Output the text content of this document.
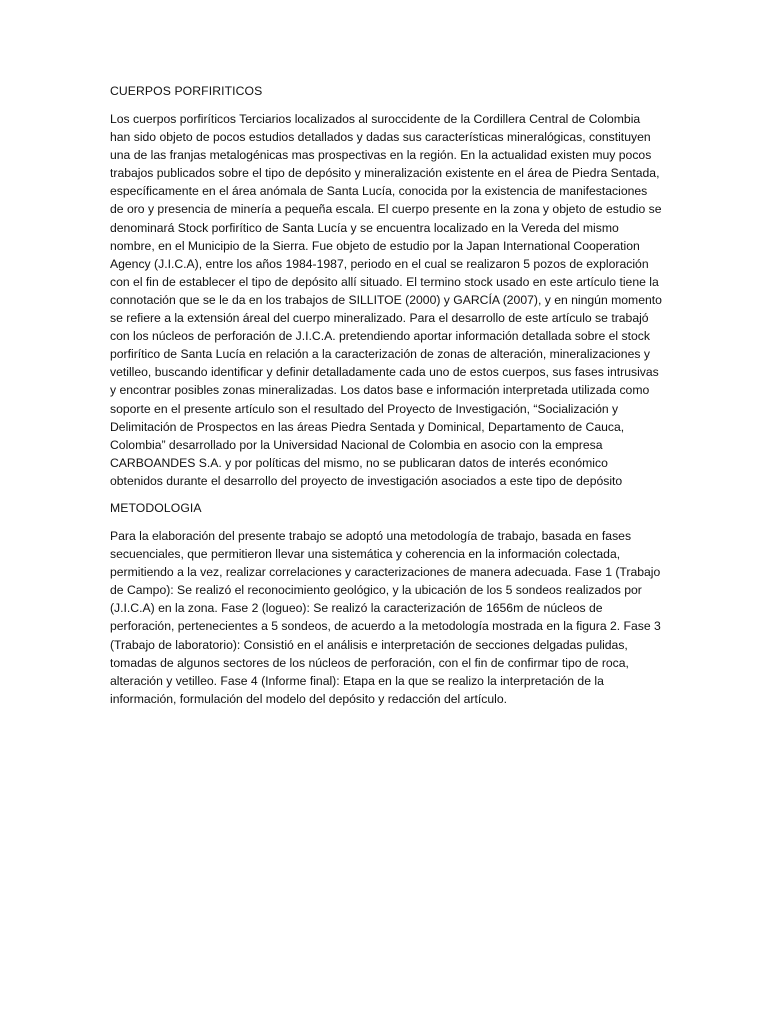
CUERPOS PORFIRITICOS

Los cuerpos porfiríticos Terciarios localizados al suroccidente de la Cordillera Central de Colombia han sido objeto de pocos estudios detallados y dadas sus características mineralógicas, constituyen una de las franjas metalogénicas mas prospectivas en la región. En la actualidad existen muy pocos trabajos publicados sobre el tipo de depósito y mineralización existente en el área de Piedra Sentada, específicamente en el área anómala de Santa Lucía, conocida por la existencia de manifestaciones de oro y presencia de minería a pequeña escala. El cuerpo presente en la zona y objeto de estudio se denominará Stock porfirítico de Santa Lucía y se encuentra localizado en la Vereda del mismo nombre, en el Municipio de la Sierra. Fue objeto de estudio por la Japan International Cooperation Agency (J.I.C.A), entre los años 1984-1987, periodo en el cual se realizaron 5 pozos de exploración con el fin de establecer el tipo de depósito allí situado. El termino stock usado en este artículo tiene la connotación que se le da en los trabajos de SILLITOE (2000) y GARCÍA (2007), y en ningún momento se refiere a la extensión áreal del cuerpo mineralizado. Para el desarrollo de este artículo se trabajó con los núcleos de perforación de J.I.C.A. pretendiendo aportar información detallada sobre el stock porfirítico de Santa Lucía en relación a la caracterización de zonas de alteración, mineralizaciones y vetilleo, buscando identificar y definir detalladamente cada uno de estos cuerpos, sus fases intrusivas y encontrar posibles zonas mineralizadas. Los datos base e información interpretada utilizada como soporte en el presente artículo son el resultado del Proyecto de Investigación, “Socialización y Delimitación de Prospectos en las áreas Piedra Sentada y Dominical, Departamento de Cauca, Colombia” desarrollado por la Universidad Nacional de Colombia en asocio con la empresa CARBOANDES S.A. y por políticas del mismo, no se publicaran datos de interés económico obtenidos durante el desarrollo del proyecto de investigación asociados a este tipo de depósito

METODOLOGIA

Para la elaboración del presente trabajo se adoptó una metodología de trabajo, basada en fases secuenciales, que permitieron llevar una sistemática y coherencia en la información colectada, permitiendo a la vez, realizar correlaciones y caracterizaciones de manera adecuada. Fase 1 (Trabajo de Campo): Se realizó el reconocimiento geológico, y la ubicación de los 5 sondeos realizados por (J.I.C.A) en la zona. Fase 2 (logueo): Se realizó la caracterización de 1656m de núcleos de perforación, pertenecientes a 5 sondeos, de acuerdo a la metodología mostrada en la figura 2. Fase 3 (Trabajo de laboratorio): Consistió en el análisis e interpretación de secciones delgadas pulidas, tomadas de algunos sectores de los núcleos de perforación, con el fin de confirmar tipo de roca, alteración y vetilleo. Fase 4 (Informe final): Etapa en la que se realizo la interpretación de la información, formulación del modelo del depósito y redacción del artículo.
